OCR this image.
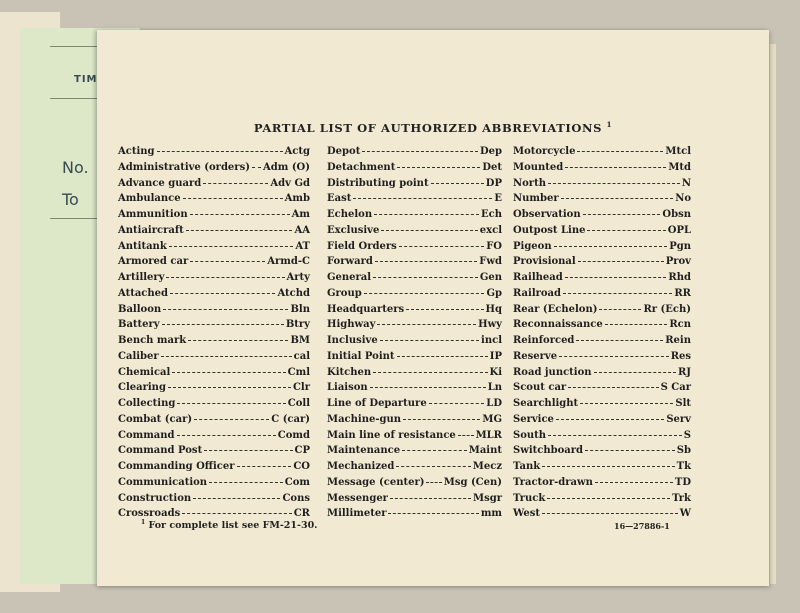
TIM
No.
To
PARTIAL LIST OF AUTHORIZED ABBREVIATIONS $^1$
Acting	Actg
Administrative (orders) Adm (O)
Advance guard	Adv Gd
Ambulance	Amb
Ammunition	Am
Antiaircraft	AA
Antitank	AT
Armored car	Armd-C
Artillery	Arty
Attached	Atchd
Balloon	Bln
Battery	Btry
Bench mark	BM
Caliber	cal
Chemical	Cml
Clearing	Clr
Collecting	Coll
Combat (car)	C (car)
Command	Comd
Command Post	CP
Commanding Officer	CO
Communication	Com
Construction	Cons
Crossroads	CR
Depot	Dep
Detachment	Det
Distributing point	DP
East	E
Echelon	Ech
Exclusive	excl
Field Orders	FO
Forward	Fwd
General	Gen
Group	Gp
Headquarters	Hq
Highway	Hwy
Inclusive	incl
Initial Point	IP
Kitchen	Ki
Liaison	Ln
Line of Departure	LD
Machine-gun	MG
Main line of resistance MLR
Maintenance	Maint
Mechanized	Mecz
Message (center) Msg (Cen)
Messenger	Msgr
Millimeter	mm
Motorcycle	Mtcl
Mounted	Mtd
North	N
Number	No
Observation	Obsn
Outpost Line	OPL
Pigeon	Pgn
Provisional	Prov
Railhead	Rhd
Railroad	RR
Rear (Echelon)	Rr (Ech)
Reconnaissance	Rcn
Reinforced	Rein
Reserve	Res
Road junction	RJ
Scout car	S Car
Searchlight	Slt
Service	Serv
South	S
Switchboard	Sb
Tank	Tk
Tractor-drawn	TD
Truck	Trk
West	W
$^1$ For complete list see FM-21-30.	16—27886-1
